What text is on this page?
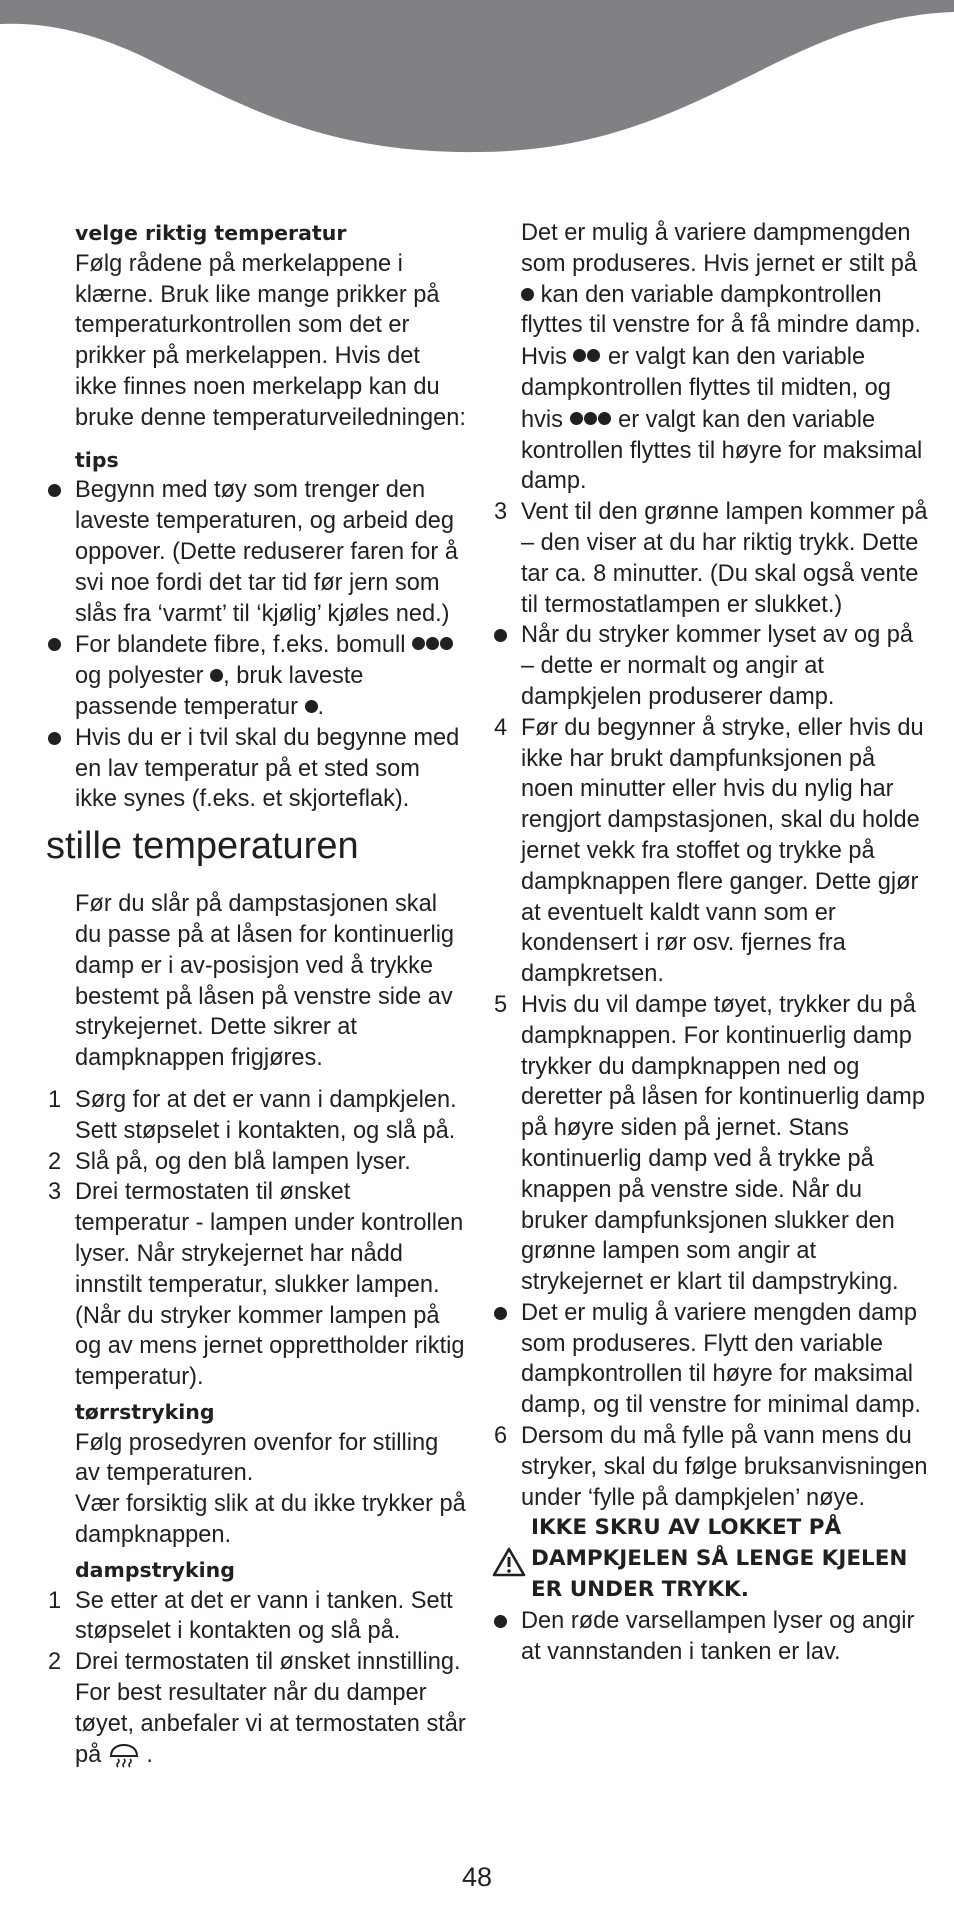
velge riktig temperatur
Følg rådene på merkelappene i klærne. Bruk like mange prikker på temperaturkontrollen som det er prikker på merkelappen. Hvis det ikke finnes noen merkelapp kan du bruke denne temperaturveiledningen:
tips
Begynn med tøy som trenger den laveste temperaturen, og arbeid deg oppover. (Dette reduserer faren for å svi noe fordi det tar tid før jern som slås fra ‘varmt’ til ‘kjølig’ kjøles ned.)
For blandete fibre, f.eks. bomull  og polyester , bruk laveste passende temperatur .
Hvis du er i tvil skal du begynne med en lav temperatur på et sted som ikke synes (f.eks. et skjorteflak).
stille temperaturen
Før du slår på dampstasjonen skal du passe på at låsen for kontinuerlig damp er i av-posisjon ved å trykke bestemt på låsen på venstre side av strykejernet. Dette sikrer at dampknappen frigjøres.
1 Sørg for at det er vann i dampkjelen. Sett støpselet i kontakten, og slå på.
2 Slå på, og den blå lampen lyser.
3 Drei termostaten til ønsket temperatur - lampen under kontrollen lyser. Når strykejernet har nådd innstilt temperatur, slukker lampen. (Når du stryker kommer lampen på og av mens jernet opprettholder riktig temperatur).
tørrstryking
Følg prosedyren ovenfor for stilling av temperaturen.
Vær forsiktig slik at du ikke trykker på dampknappen.
dampstryking
1 Se etter at det er vann i tanken. Sett støpselet i kontakten og slå på.
2 Drei termostaten til ønsket innstilling. For best resultater når du damper tøyet, anbefaler vi at termostaten står på .
Det er mulig å variere dampmengden som produseres. Hvis jernet er stilt på  kan den variable dampkontrollen flyttes til venstre for å få mindre damp. Hvis er valgt kan den variable dampkontrollen flyttes til midten, og hvis er valgt kan den variable kontrollen flyttes til høyre for maksimal damp.
3 Vent til den grønne lampen kommer på – den viser at du har riktig trykk. Dette tar ca. 8 minutter. (Du skal også vente til termostatlampen er slukket.)
Når du stryker kommer lyset av og på – dette er normalt og angir at dampkjelen produserer damp.
4 Før du begynner å stryke, eller hvis du ikke har brukt dampfunksjonen på noen minutter eller hvis du nylig har rengjort dampstasjonen, skal du holde jernet vekk fra stoffet og trykke på dampknappen flere ganger. Dette gjør at eventuelt kaldt vann som er kondensert i rør osv. fjernes fra dampkretsen.
5 Hvis du vil dampe tøyet, trykker du på dampknappen. For kontinuerlig damp trykker du dampknappen ned og deretter på låsen for kontinuerlig damp på høyre siden på jernet. Stans kontinuerlig damp ved å trykke på knappen på venstre side. Når du bruker dampfunksjonen slukker den grønne lampen som angir at strykejernet er klart til dampstryking.
Det er mulig å variere mengden damp som produseres. Flytt den variable dampkontrollen til høyre for maksimal damp, og til venstre for minimal damp.
6 Dersom du må fylle på vann mens du stryker, skal du følge bruksanvisningen under ‘fylle på dampkjelen’ nøye.
IKKE SKRU AV LOKKET PÅ DAMPKJELEN SÅ LENGE KJELEN ER UNDER TRYKK.
Den røde varsellampen lyser og angir at vannstanden i tanken er lav.
48
